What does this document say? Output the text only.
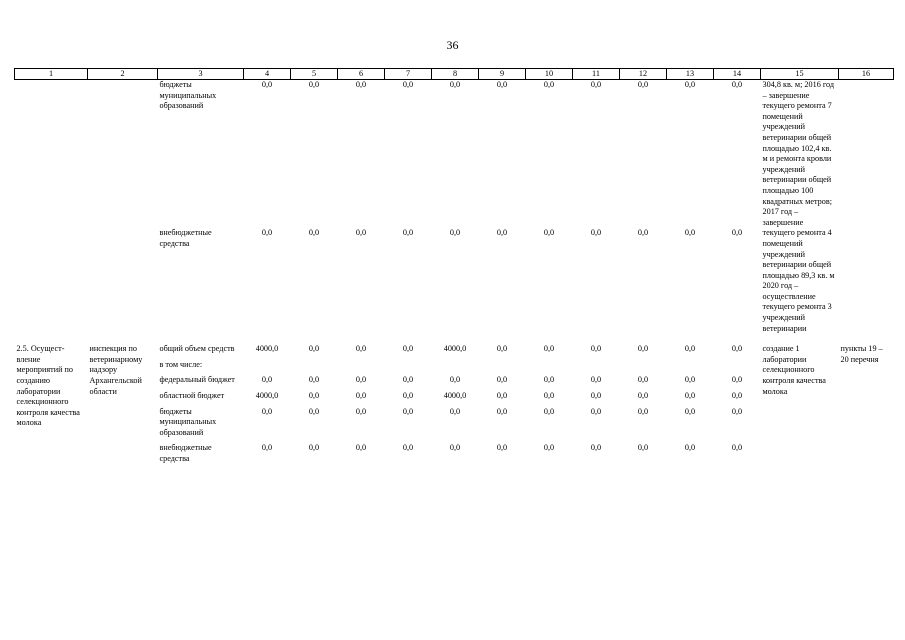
36
1	2	3	4	5	6	7	8	9	10	11	12	13	14	15	16
		бюджеты муниципальных образований	0,0	0,0	0,0	0,0	0,0	0,0	0,0	0,0	0,0	0,0	0,0	304,8 кв. м; 2016 год – завершение текущего ремонта 7 помещений учреждений ветеринарии общей площадью 102,4 кв. м и ремонта кровли учреждений ветеринарии общей площадью 100 квадратных метров; 2017 год – завершение текущего ремонта 4 помещений учреждений ветеринарии общей площадью 89,3 кв. м 2020 год – осуществление текущего ремонта 3 учреждений ветеринарии	
		внебюджетные средства	0,0	0,0	0,0	0,0	0,0	0,0	0,0	0,0	0,0	0,0	0,0		

2.5. Осущест-вление мероприятий по созданию лаборатории селекционного контроля качества молока	инспекция по ветеринарному надзору Архангельской области	общий объем средств	4000,0	0,0	0,0	0,0	4000,0	0,0	0,0	0,0	0,0	0,0	0,0	создание 1 лаборатории селекционного контроля качества молока	пункты 19 – 20 перечня
		в том числе:													
		федеральный бюджет	0,0	0,0	0,0	0,0	0,0	0,0	0,0	0,0	0,0	0,0	0,0		
		областной бюджет	4000,0	0,0	0,0	0,0	4000,0	0,0	0,0	0,0	0,0	0,0	0,0		
		бюджеты муниципальных образований	0,0	0,0	0,0	0,0	0,0	0,0	0,0	0,0	0,0	0,0	0,0		
		внебюджетные средства	0,0	0,0	0,0	0,0	0,0	0,0	0,0	0,0	0,0	0,0	0,0		
